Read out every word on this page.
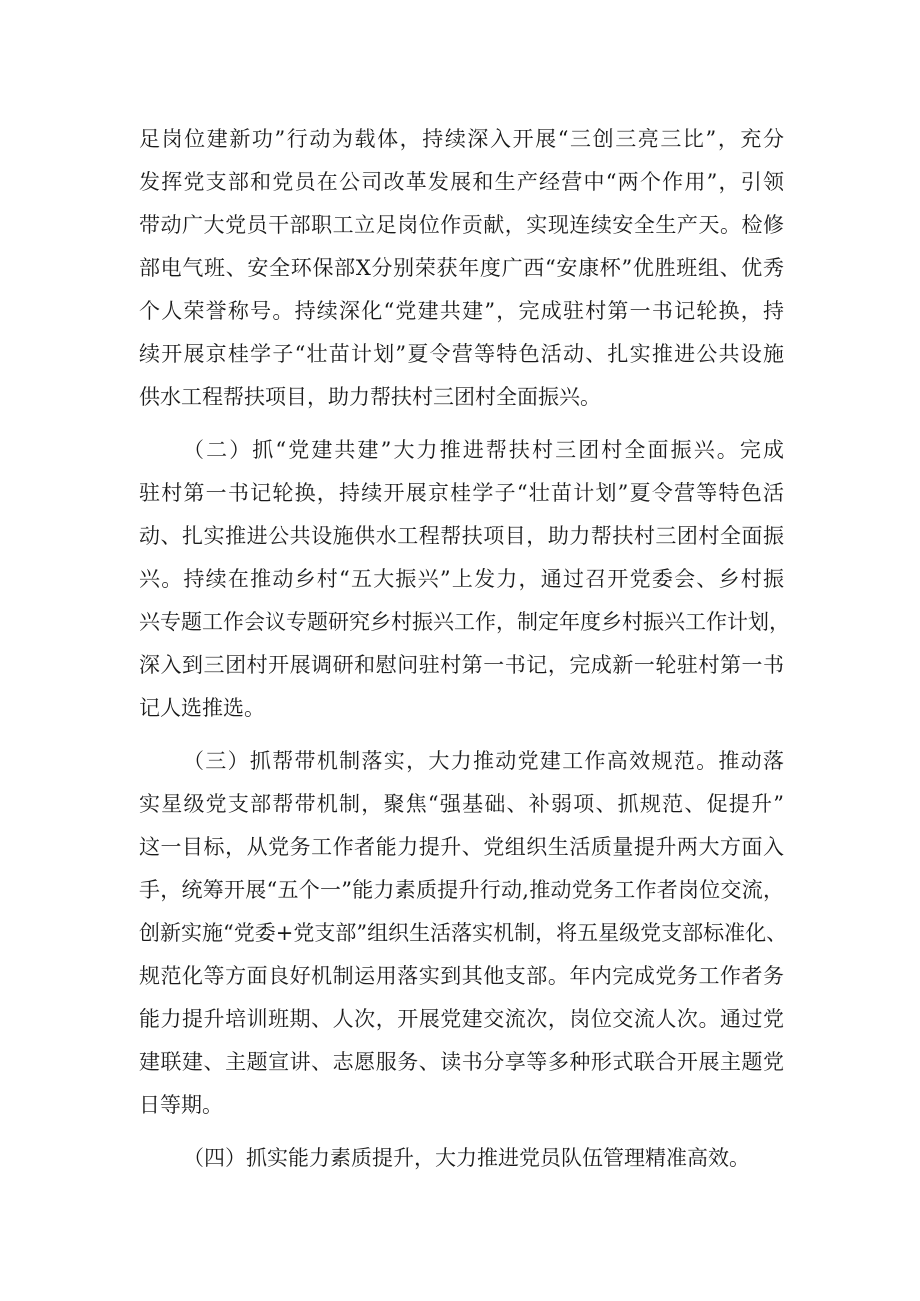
足岗位建新功”行动为载体，持续深入开展“三创三亮三比”，充分
发挥党支部和党员在公司改革发展和生产经营中“两个作用”，引领
带动广大党员干部职工立足岗位作贡献，实现连续安全生产天。检修
部电气班、安全环保部X分别荣获年度广西“安康杯”优胜班组、优秀
个人荣誉称号。持续深化“党建共建”，完成驻村第一书记轮换，持
续开展京桂学子“壮苗计划”夏令营等特色活动、扎实推进公共设施
供水工程帮扶项目，助力帮扶村三团村全面振兴。
（二）抓“党建共建”大力推进帮扶村三团村全面振兴。完成
驻村第一书记轮换，持续开展京桂学子“壮苗计划”夏令营等特色活
动、扎实推进公共设施供水工程帮扶项目，助力帮扶村三团村全面振
兴。持续在推动乡村“五大振兴”上发力，通过召开党委会、乡村振
兴专题工作会议专题研究乡村振兴工作，制定年度乡村振兴工作计划，
深入到三团村开展调研和慰问驻村第一书记，完成新一轮驻村第一书
记人选推选。
（三）抓帮带机制落实，大力推动党建工作高效规范。推动落
实星级党支部帮带机制，聚焦“强基础、补弱项、抓规范、促提升”
这一目标，从党务工作者能力提升、党组织生活质量提升两大方面入
手，统筹开展“五个一”能力素质提升行动,推动党务工作者岗位交流，
创新实施“党委+党支部”组织生活落实机制，将五星级党支部标准化、
规范化等方面良好机制运用落实到其他支部。年内完成党务工作者务
能力提升培训班期、人次，开展党建交流次，岗位交流人次。通过党
建联建、主题宣讲、志愿服务、读书分享等多种形式联合开展主题党
日等期。
（四）抓实能力素质提升，大力推进党员队伍管理精准高效。
